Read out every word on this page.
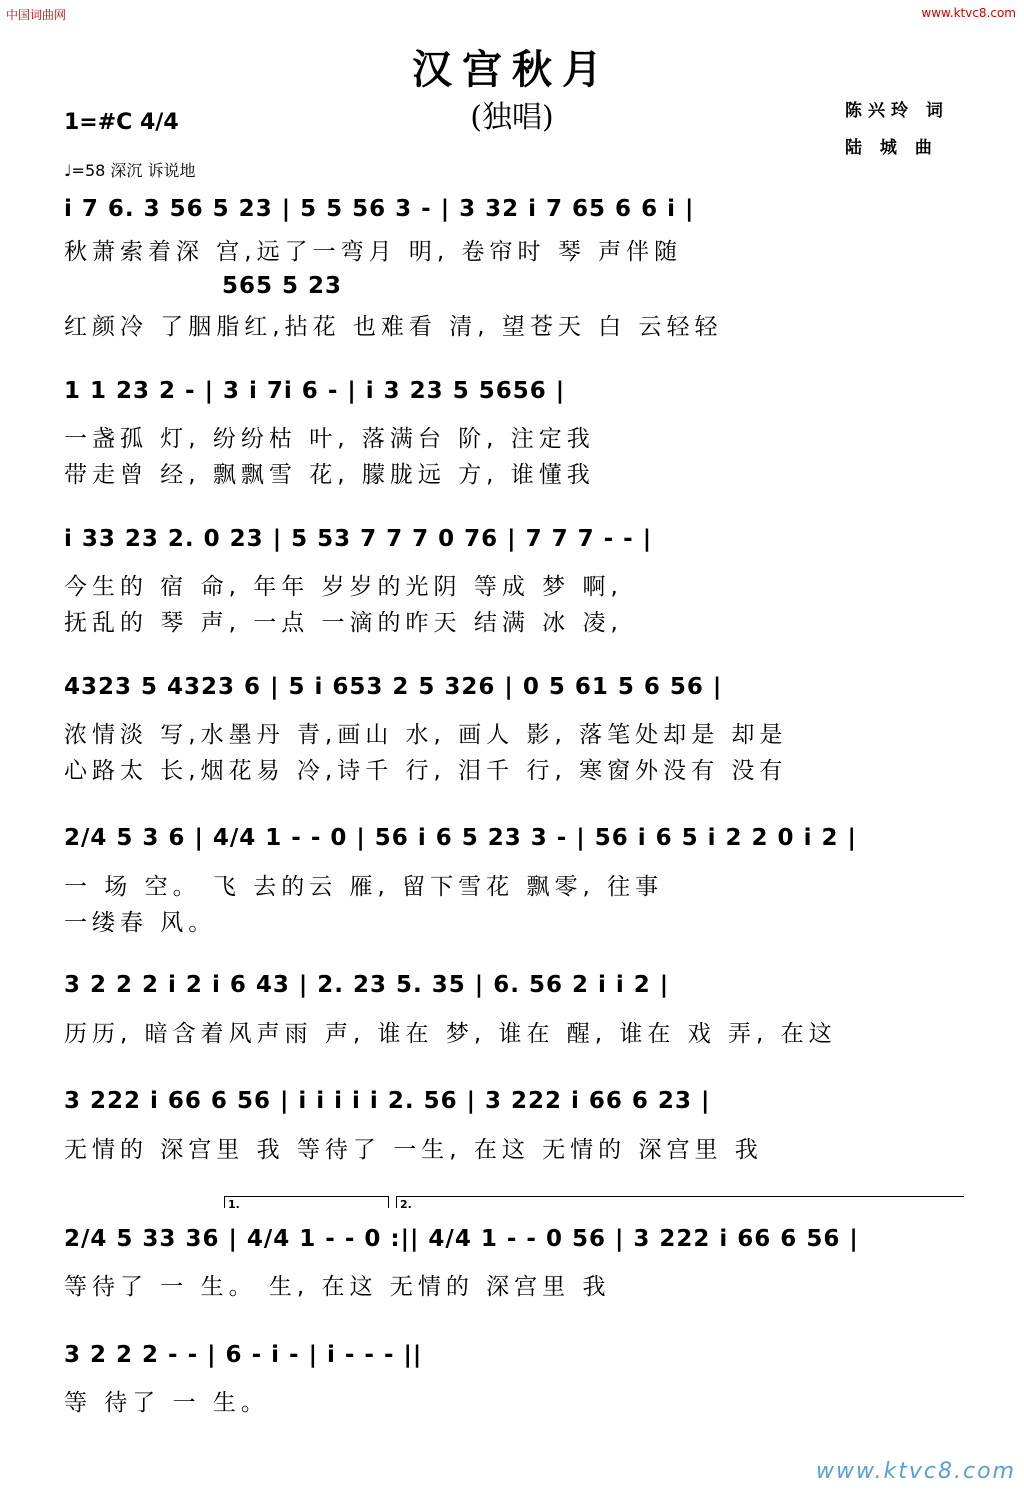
中国词曲网	www.ktvc8.com
汉宫秋月
(独唱)	陈兴玲 词
陆 城 曲
1=#C 4/4
♩=58 深沉 诉说地
i 7 6. 3 56 5 23 | 5 5 56 3 - | 3 32 i 7 65 6 6 i |
秋萧索着深 宫,远了一弯月 明, 卷帘时 琴 声伴随
565 5 23
红颜冷 了胭脂红,拈花 也难看 清, 望苍天 白 云轻轻
1 1 23 2 - | 3 i 7i 6 - | i 3 23 5 5656 |
一盏孤 灯, 纷纷枯 叶, 落满台 阶, 注定我
带走曾 经, 飘飘雪 花, 朦胧远 方, 谁懂我
i 33 23 2. 0 23 | 5 53 7 7 7 0 76 | 7 7 7 - - |
今生的 宿 命, 年年 岁岁的光阴 等成 梦 啊,
抚乱的 琴 声, 一点 一滴的昨天 结满 冰 凌,
4323 5 4323 6 | 5 i 653 2 5 326 | 0 5 61 5 6 56 |
浓情淡 写,水墨丹 青,画山 水, 画人 影, 落笔处却是 却是
心路太 长,烟花易 冷,诗千 行, 泪千 行, 寒窗外没有 没有
2/4 5 3 6 | 4/4 1 - - 0 | 56 i 6 5 23 3 - | 56 i 6 5 i 2 2 0 i 2 |
一 场 空。 飞 去的云 雁, 留下雪花 飘零, 往事
一缕春 风。
3 2 2 2 i 2 i 6 43 | 2. 23 5. 35 | 6. 56 2 i i 2 |
历历, 暗含着风声雨 声, 谁在 梦, 谁在 醒, 谁在 戏 弄, 在这
3 222 i 66 6 56 | i i i i i 2. 56 | 3 222 i 66 6 23 |
无情的 深宫里 我 等待了 一生, 在这 无情的 深宫里 我
1.	2.
2/4 5 33 36 | 4/4 1 - - 0 :|| 4/4 1 - - 0 56 | 3 222 i 66 6 56 |
等待了 一 生。 生, 在这 无情的 深宫里 我
3 2 2 2 - - | 6 - i - | i - - - ||
等 待了 一 生。
www.ktvc8.com
